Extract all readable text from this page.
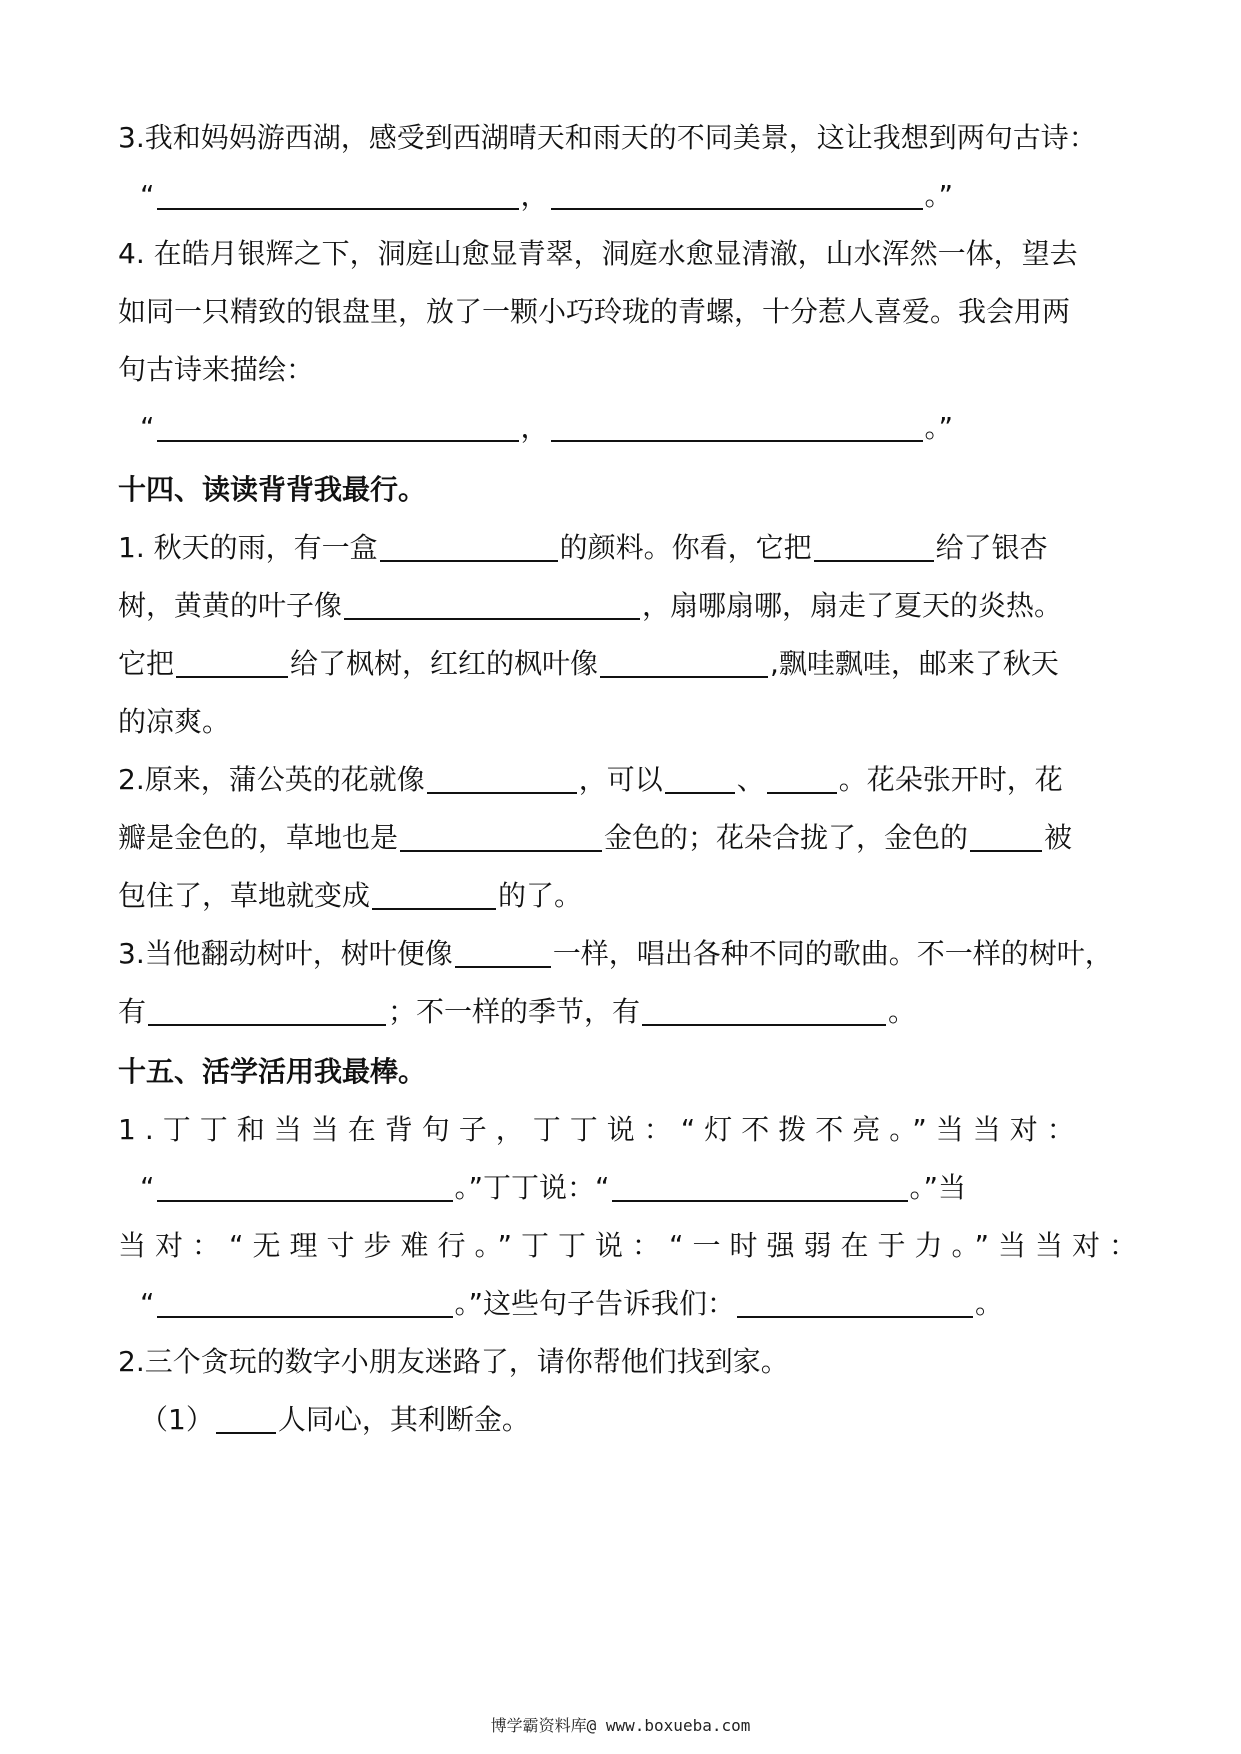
3.我和妈妈游西湖，感受到西湖晴天和雨天的不同美景，这让我想到两句古诗：
“	，	。”
4. 在皓月银辉之下，洞庭山愈显青翠，洞庭水愈显清澈，山水浑然一体，望去
如同一只精致的银盘里，放了一颗小巧玲珑的青螺，十分惹人喜爱。我会用两
句古诗来描绘：
“	，	。”
十四、读读背背我最行。
1. 秋天的雨，有一盒	的颜料。你看，它把	给了银杏
树，黄黄的叶子像	，扇哪扇哪，扇走了夏天的炎热。
它把	给了枫树，红红的枫叶像	,飘哇飘哇，邮来了秋天
的凉爽。
2.原来，蒲公英的花就像	，可以	、	。花朵张开时，花
瓣是金色的，草地也是	金色的；花朵合拢了，金色的	被
包住了，草地就变成	的了。
3.当他翻动树叶，树叶便像	一样，唱出各种不同的歌曲。不一样的树叶，
有	；不一样的季节，有	。
十五、活学活用我最棒。
1.丁丁和当当在背句子，丁丁说：“灯不拨不亮。”当当对：
“	。”丁丁说：“	。”当
当对：“无理寸步难行。”丁丁说：“一时强弱在于力。”当当对：
“	。”这些句子告诉我们：	。
2.三个贪玩的数字小朋友迷路了，请你帮他们找到家。
（1） 人同心，其利断金。
博学霸资料库@ www.boxueba.com
